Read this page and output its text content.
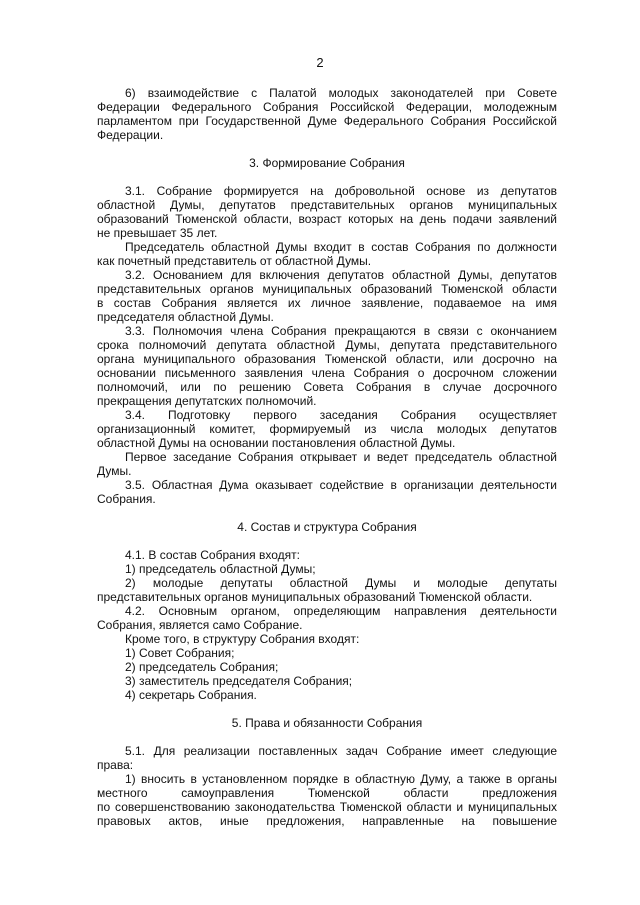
2
6) взаимодействие с Палатой молодых законодателей при Совете
Федерации Федерального Собрания Российской Федерации, молодежным
парламентом при Государственной Думе Федерального Собрания Российской
Федерации.
3. Формирование Собрания
3.1. Собрание формируется на добровольной основе из депутатов
областной Думы, депутатов представительных органов муниципальных
образований Тюменской области, возраст которых на день подачи заявлений
не превышает 35 лет.
Председатель областной Думы входит в состав Собрания по должности
как почетный представитель от областной Думы.
3.2. Основанием для включения депутатов областной Думы, депутатов
представительных органов муниципальных образований Тюменской области
в состав Собрания является их личное заявление, подаваемое на имя
председателя областной Думы.
3.3. Полномочия члена Собрания прекращаются в связи с окончанием
срока полномочий депутата областной Думы, депутата представительного
органа муниципального образования Тюменской области, или досрочно на
основании письменного заявления члена Собрания о досрочном сложении
полномочий, или по решению Совета Собрания в случае досрочного
прекращения депутатских полномочий.
3.4. Подготовку первого заседания Собрания осуществляет
организационный комитет, формируемый из числа молодых депутатов
областной Думы на основании постановления областной Думы.
Первое заседание Собрания открывает и ведет председатель областной
Думы.
3.5. Областная Дума оказывает содействие в организации деятельности
Собрания.
4. Состав и структура Собрания
4.1. В состав Собрания входят:
1) председатель областной Думы;
2) молодые депутаты областной Думы и молодые депутаты
представительных органов муниципальных образований Тюменской области.
4.2. Основным органом, определяющим направления деятельности
Собрания, является само Собрание.
Кроме того, в структуру Собрания входят:
1) Совет Собрания;
2) председатель Собрания;
3) заместитель председателя Собрания;
4) секретарь Собрания.
5. Права и обязанности Собрания
5.1. Для реализации поставленных задач Собрание имеет следующие
права:
1) вносить в установленном порядке в областную Думу, а также в органы
местного самоуправления Тюменской области предложения
по совершенствованию законодательства Тюменской области и муниципальных
правовых актов, иные предложения, направленные на повышение
